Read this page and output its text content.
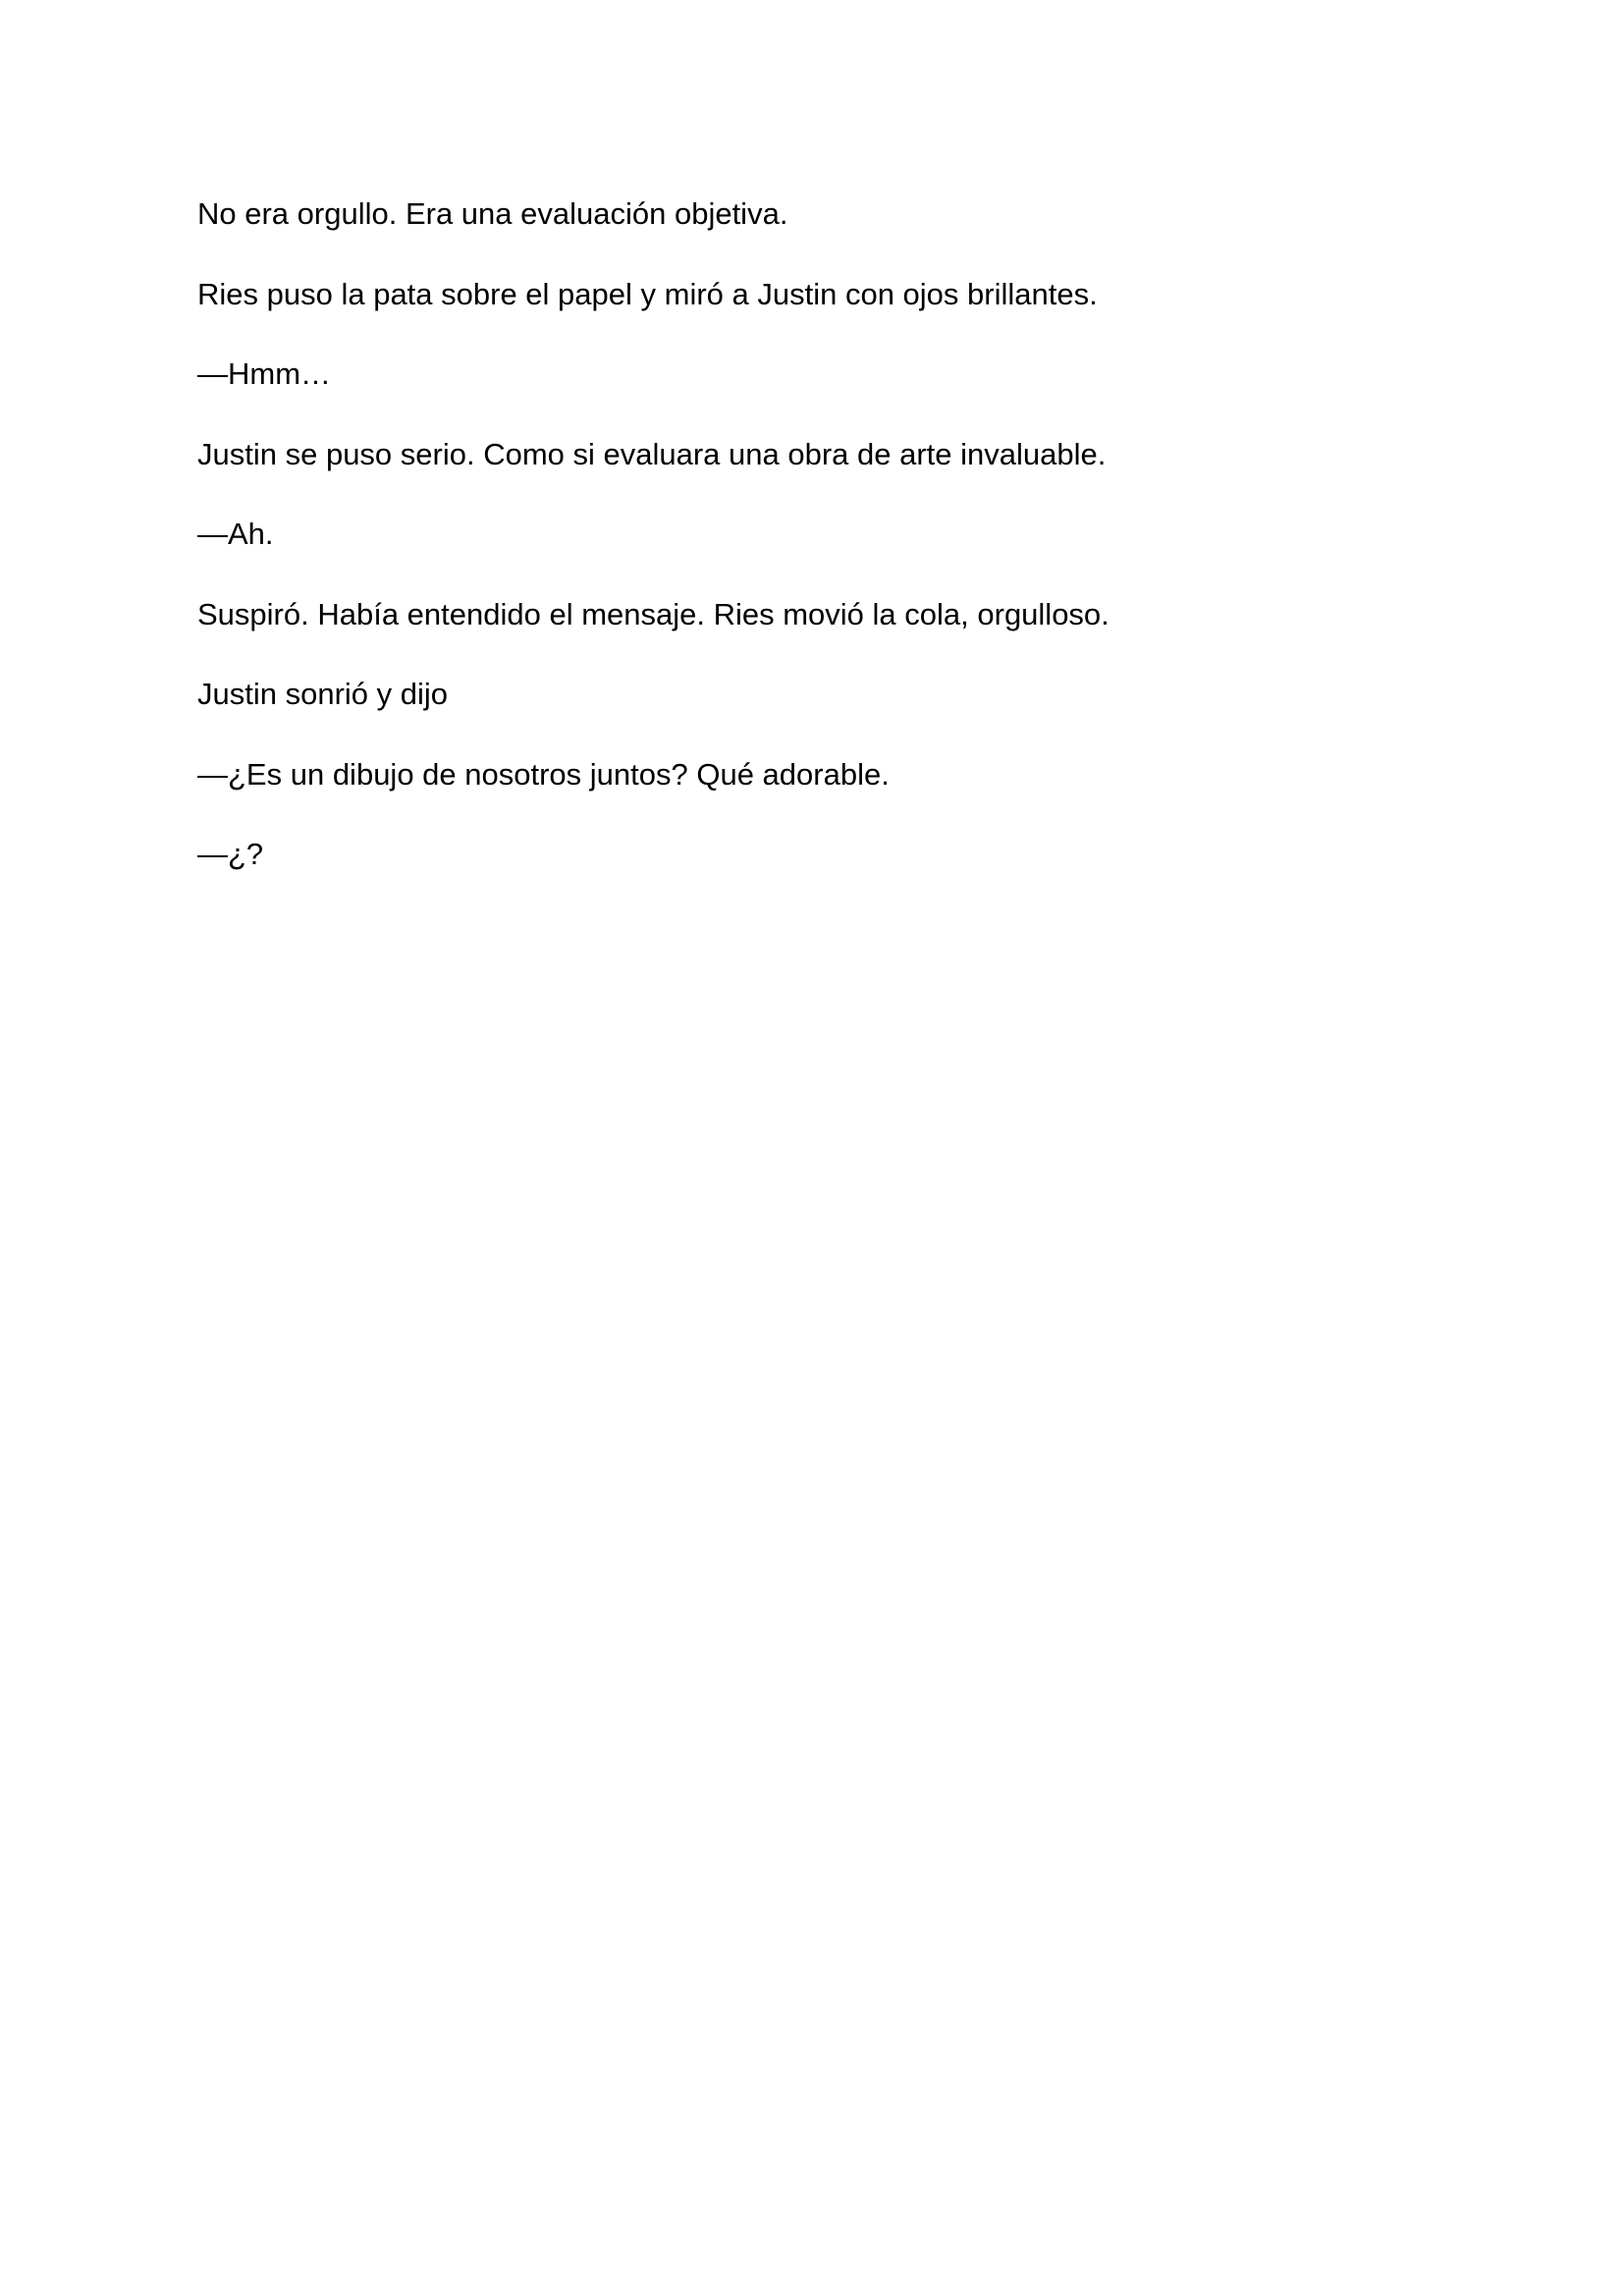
No era orgullo. Era una evaluación objetiva.

Ries puso la pata sobre el papel y miró a Justin con ojos brillantes.

—Hmm…

Justin se puso serio. Como si evaluara una obra de arte invaluable.

—Ah.

Suspiró. Había entendido el mensaje. Ries movió la cola, orgulloso.

Justin sonrió y dijo

—¿Es un dibujo de nosotros juntos? Qué adorable.

—¿?
